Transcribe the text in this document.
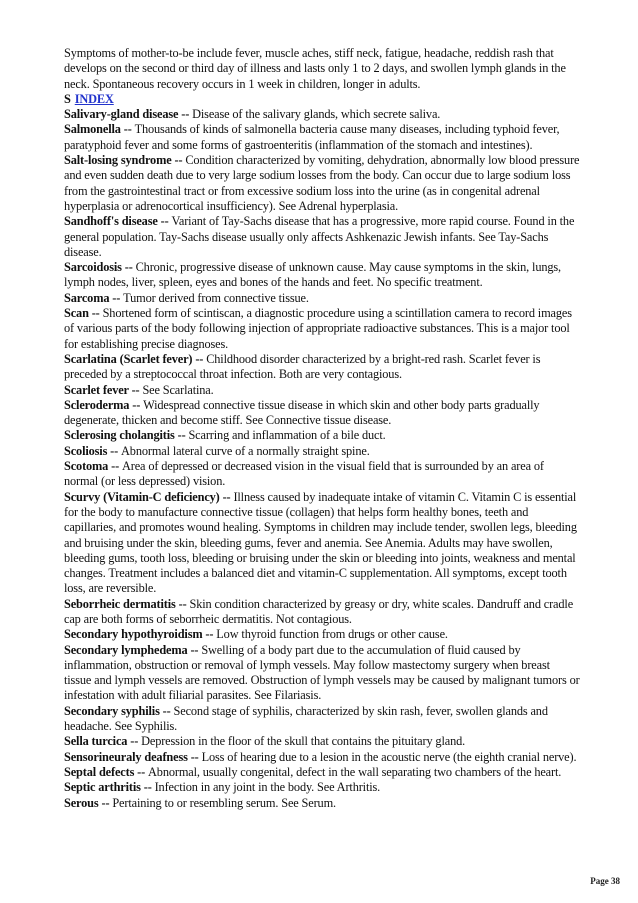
Symptoms of mother-to-be include fever, muscle aches, stiff neck, fatigue, headache, reddish rash that develops on the second or third day of illness and lasts only 1 to 2 days, and swollen lymph glands in the neck. Spontaneous recovery occurs in 1 week in children, longer in adults.

S INDEX

Salivary-gland disease -- Disease of the salivary glands, which secrete saliva.

Salmonella -- Thousands of kinds of salmonella bacteria cause many diseases, including typhoid fever, paratyphoid fever and some forms of gastroenteritis (inflammation of the stomach and intestines).

Salt-losing syndrome -- Condition characterized by vomiting, dehydration, abnormally low blood pressure and even sudden death due to very large sodium losses from the body. Can occur due to large sodium loss from the gastrointestinal tract or from excessive sodium loss into the urine (as in congenital adrenal hyperplasia or adrenocortical insufficiency). See Adrenal hyperplasia.

Sandhoff's disease -- Variant of Tay-Sachs disease that has a progressive, more rapid course. Found in the general population. Tay-Sachs disease usually only affects Ashkenazic Jewish infants. See Tay-Sachs disease.

Sarcoidosis -- Chronic, progressive disease of unknown cause. May cause symptoms in the skin, lungs, lymph nodes, liver, spleen, eyes and bones of the hands and feet. No specific treatment.

Sarcoma -- Tumor derived from connective tissue.

Scan -- Shortened form of scintiscan, a diagnostic procedure using a scintillation camera to record images of various parts of the body following injection of appropriate radioactive substances. This is a major tool for establishing precise diagnoses.

Scarlatina (Scarlet fever) -- Childhood disorder characterized by a bright-red rash. Scarlet fever is preceded by a streptococcal throat infection. Both are very contagious.

Scarlet fever -- See Scarlatina.

Scleroderma -- Widespread connective tissue disease in which skin and other body parts gradually degenerate, thicken and become stiff. See Connective tissue disease.

Sclerosing cholangitis -- Scarring and inflammation of a bile duct.

Scoliosis -- Abnormal lateral curve of a normally straight spine.

Scotoma -- Area of depressed or decreased vision in the visual field that is surrounded by an area of normal (or less depressed) vision.

Scurvy (Vitamin-C deficiency) -- Illness caused by inadequate intake of vitamin C. Vitamin C is essential for the body to manufacture connective tissue (collagen) that helps form healthy bones, teeth and capillaries, and promotes wound healing. Symptoms in children may include tender, swollen legs, bleeding and bruising under the skin, bleeding gums, fever and anemia. See Anemia. Adults may have swollen, bleeding gums, tooth loss, bleeding or bruising under the skin or bleeding into joints, weakness and mental changes. Treatment includes a balanced diet and vitamin-C supplementation. All symptoms, except tooth loss, are reversible.

Seborrheic dermatitis -- Skin condition characterized by greasy or dry, white scales. Dandruff and cradle cap are both forms of seborrheic dermatitis. Not contagious.

Secondary hypothyroidism -- Low thyroid function from drugs or other cause.

Secondary lymphedema -- Swelling of a body part due to the accumulation of fluid caused by inflammation, obstruction or removal of lymph vessels. May follow mastectomy surgery when breast tissue and lymph vessels are removed. Obstruction of lymph vessels may be caused by malignant tumors or infestation with adult filiarial parasites. See Filariasis.

Secondary syphilis -- Second stage of syphilis, characterized by skin rash, fever, swollen glands and headache. See Syphilis.

Sella turcica -- Depression in the floor of the skull that contains the pituitary gland.

Sensorineuraly deafness -- Loss of hearing due to a lesion in the acoustic nerve (the eighth cranial nerve).

Septal defects -- Abnormal, usually congenital, defect in the wall separating two chambers of the heart.

Septic arthritis -- Infection in any joint in the body. See Arthritis.

Serous -- Pertaining to or resembling serum. See Serum.

Page 38
